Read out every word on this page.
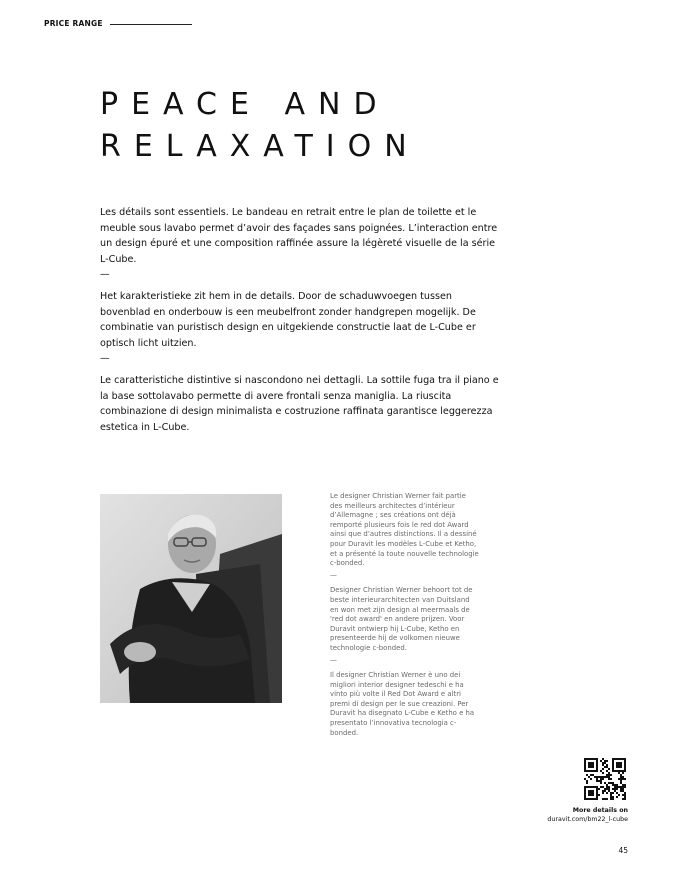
PRICE RANGE
PEACE AND
RELAXATION

Les détails sont essentiels. Le bandeau en retrait entre le plan de toilette et le meuble sous lavabo permet d’avoir des façades sans poignées. L’interaction entre un design épuré et une composition raffinée assure la légèreté visuelle de la série L-Cube.

—

Het karakteristieke zit hem in de details. Door de schaduwvoegen tussen bovenblad en onderbouw is een meubelfront zonder handgrepen mogelijk. De combinatie van puristisch design en uitgekiende constructie laat de L-Cube er optisch licht uitzien.

—

Le caratteristiche distintive si nascondono nei dettagli. La sottile fuga tra il piano e la base sottolavabo permette di avere frontali senza maniglia. La riuscita combinazione di design minimalista e costruzione raffinata garantisce leggerezza estetica in L-Cube.

Le designer Christian Werner fait partie des meilleurs architectes d’intérieur d’Allemagne ; ses créations ont déjà remporté plusieurs fois le red dot Award ainsi que d’autres distinctions. Il a dessiné pour Duravit les modèles L-Cube et Ketho, et a présenté la toute nouvelle technologie c-bonded.

—

Designer Christian Werner behoort tot de beste interieurarchitecten van Duitsland en won met zijn design al meermaals de 'red dot award' en andere prijzen. Voor Duravit ontwierp hij L-Cube, Ketho en presenteerde hij de volkomen nieuwe technologie c-bonded.

—

Il designer Christian Werner è uno dei migliori interior designer tedeschi e ha vinto più volte il Red Dot Award e altri premi di design per le sue creazioni. Per Duravit ha disegnato L-Cube e Ketho e ha presentato l’innovativa tecnologia c-bonded.

More details on
duravit.com/bm22_l-cube
45
